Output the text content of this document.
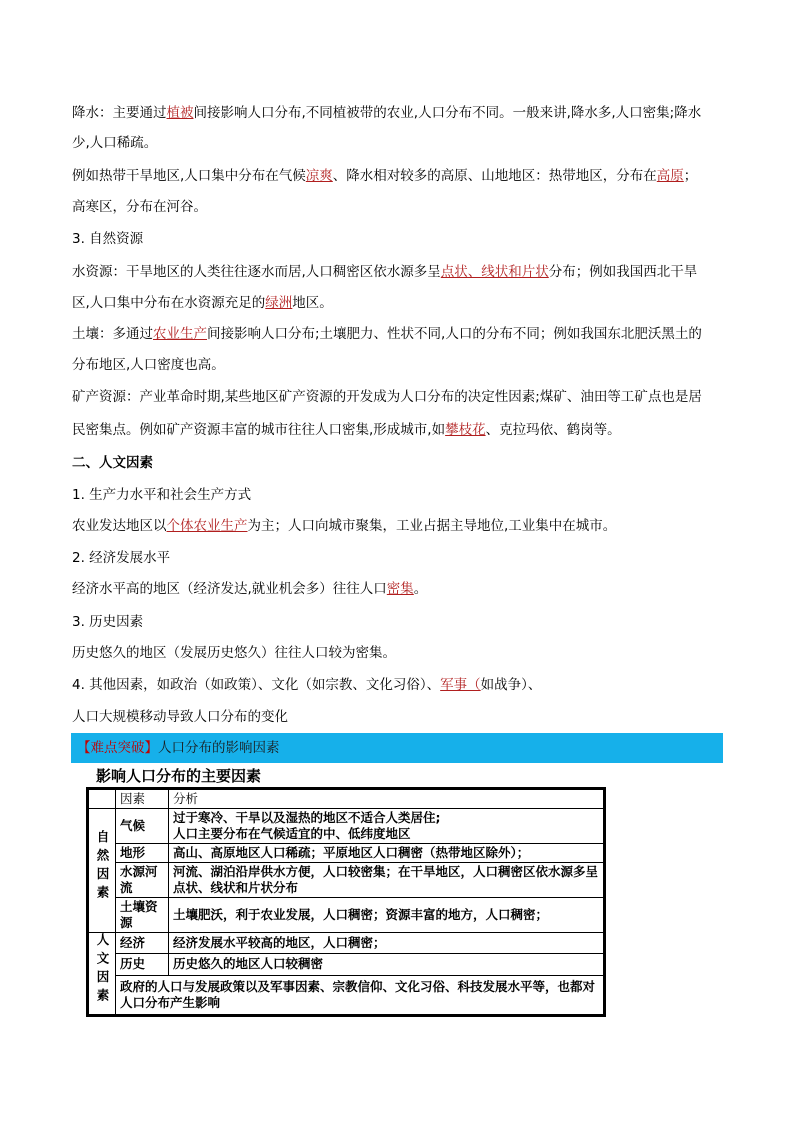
降水：主要通过植被间接影响人口分布,不同植被带的农业,人口分布不同。一般来讲,降水多,人口密集;降水
少,人口稀疏。
例如热带干旱地区,人口集中分布在气候凉爽、降水相对较多的高原、山地地区：热带地区，分布在高原；
高寒区，分布在河谷。
3. 自然资源
水资源：干旱地区的人类往往逐水而居,人口稠密区依水源多呈点状、线状和片状分布；例如我国西北干旱
区,人口集中分布在水资源充足的绿洲地区。
土壤：多通过农业生产间接影响人口分布;土壤肥力、性状不同,人口的分布不同；例如我国东北肥沃黑土的
分布地区,人口密度也高。
矿产资源：产业革命时期,某些地区矿产资源的开发成为人口分布的决定性因素;煤矿、油田等工矿点也是居
民密集点。例如矿产资源丰富的城市往往人口密集,形成城市,如攀枝花、克拉玛依、鹤岗等。
二、人文因素
1. 生产力水平和社会生产方式
农业发达地区以个体农业生产为主；人口向城市聚集，工业占据主导地位,工业集中在城市。
2. 经济发展水平
经济水平高的地区（经济发达,就业机会多）往往人口密集。
3. 历史因素
历史悠久的地区（发展历史悠久）往往人口较为密集。
4. 其他因素，如政治（如政策）、文化（如宗教、文化习俗）、军事（如战争）、
人口大规模移动导致人口分布的变化
【难点突破】人口分布的影响因素
影响人口分布的主要因素
	因素	分析
自然因素	气候	过于寒冷、干旱以及湿热的地区不适合人类居住;
人口主要分布在气候适宜的中、低纬度地区
	地形	高山、高原地区人口稀疏；平原地区人口稠密（热带地区除外）；
	水源河流	河流、湖泊沿岸供水方便，人口较密集；在干旱地区，人口稠密区依水源多呈点状、线状和片状分布
	土壤资源	土壤肥沃，利于农业发展，人口稠密；资源丰富的地方，人口稠密；
人文因素	经济	经济发展水平较高的地区，人口稠密；
	历史	历史悠久的地区人口较稠密
	政府的人口与发展政策以及军事因素、宗教信仰、文化习俗、科技发展水平等，也都对人口分布产生影响	
